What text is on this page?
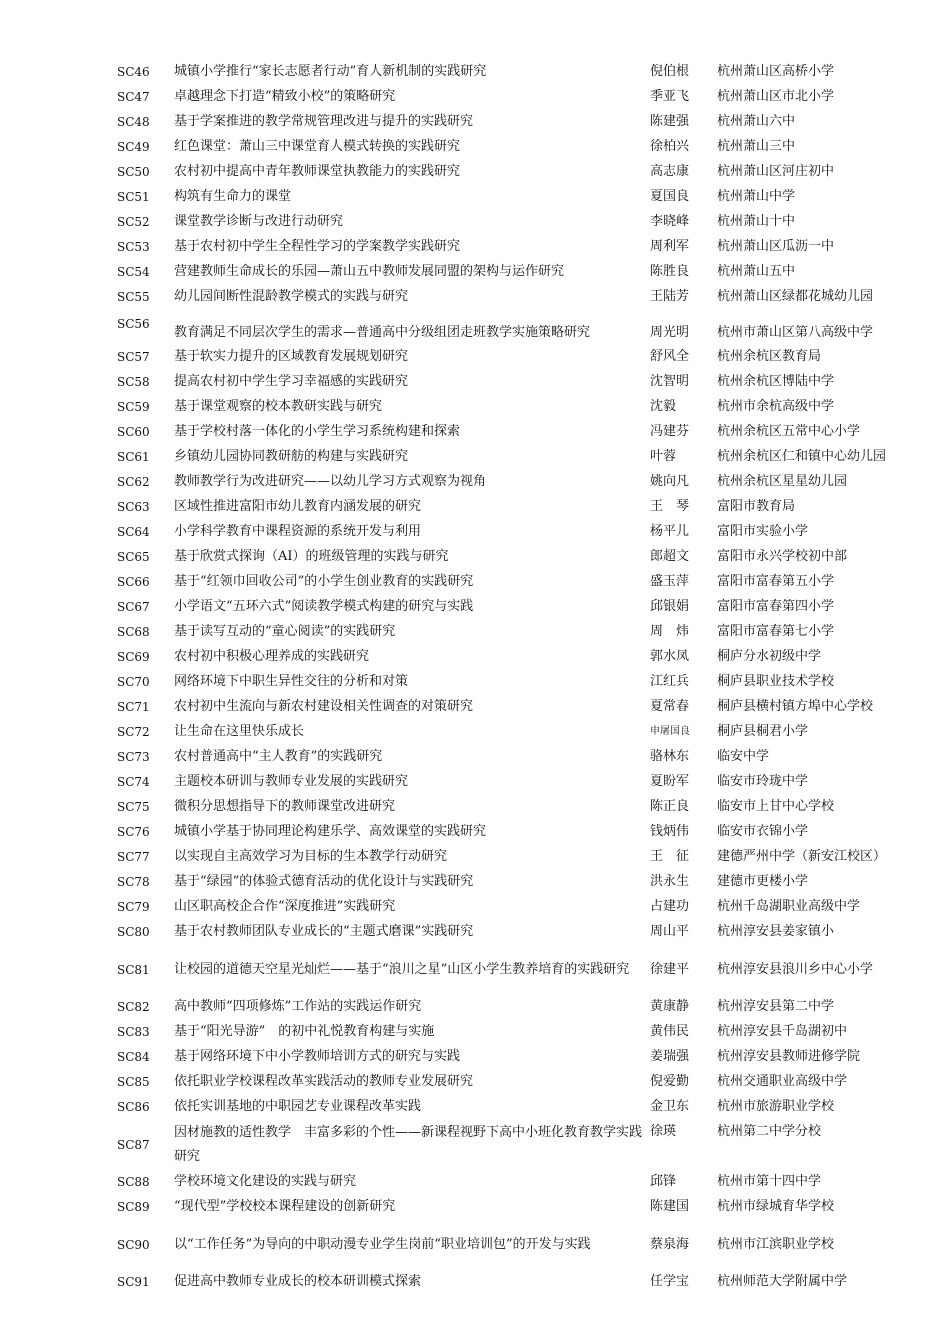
SC46	城镇小学推行“家长志愿者行动”育人新机制的实践研究	倪伯根	杭州萧山区高桥小学
SC47	卓越理念下打造“精致小校”的策略研究	季亚飞	杭州萧山区市北小学
SC48	基于学案推进的教学常规管理改进与提升的实践研究	陈建强	杭州萧山六中
SC49	红色课堂：萧山三中课堂育人模式转换的实践研究	徐柏兴	杭州萧山三中
SC50	农村初中提高中青年教师课堂执教能力的实践研究	高志康	杭州萧山区河庄初中
SC51	构筑有生命力的课堂	夏国良	杭州萧山中学
SC52	课堂教学诊断与改进行动研究	李晓峰	杭州萧山十中
SC53	基于农村初中学生全程性学习的学案教学实践研究	周利军	杭州萧山区瓜沥一中
SC54	营建教师生命成长的乐园—萧山五中教师发展同盟的架构与运作研究	陈胜良	杭州萧山五中
SC55	幼儿园间断性混龄教学模式的实践与研究	王陆芳	杭州萧山区绿都花城幼儿园
SC56	教育满足不同层次学生的需求—普通高中分级组团走班教学实施策略研究	周光明	杭州市萧山区第八高级中学
SC57	基于软实力提升的区域教育发展规划研究	舒风全	杭州余杭区教育局
SC58	提高农村初中学生学习幸福感的实践研究	沈智明	杭州余杭区博陆中学
SC59	基于课堂观察的校本教研实践与研究	沈毅	杭州市余杭高级中学
SC60	基于学校村落一体化的小学生学习系统构建和探索	冯建芬	杭州余杭区五常中心小学
SC61	乡镇幼儿园协同教研舫的构建与实践研究	叶蓉	杭州余杭区仁和镇中心幼儿园
SC62	教师教学行为改进研究——以幼儿学习方式观察为视角	姚向凡	杭州余杭区星星幼儿园
SC63	区域性推进富阳市幼儿教育内涵发展的研究	王　琴	富阳市教育局
SC64	小学科学教育中课程资源的系统开发与利用	杨平儿	富阳市实验小学
SC65	基于欣赏式探询（AI）的班级管理的实践与研究	郎超文	富阳市永兴学校初中部
SC66	基于“红领巾回收公司”的小学生创业教育的实践研究	盛玉萍	富阳市富春第五小学
SC67	小学语文“五环六式”阅读教学模式构建的研究与实践	邱银娟	富阳市富春第四小学
SC68	基于读写互动的“童心阅读”的实践研究	周　炜	富阳市富春第七小学
SC69	农村初中积极心理养成的实践研究	郭水凤	桐庐分水初级中学
SC70	网络环境下中职生异性交往的分析和对策	江红兵	桐庐县职业技术学校
SC71	农村初中生流向与新农村建设相关性调查的对策研究	夏常春	桐庐县横村镇方埠中心学校
SC72	让生命在这里快乐成长	申屠国良	桐庐县桐君小学
SC73	农村普通高中“主人教育”的实践研究	骆林东	临安中学
SC74	主题校本研训与教师专业发展的实践研究	夏盼军	临安市玲珑中学
SC75	微积分思想指导下的教师课堂改进研究	陈正良	临安市上甘中心学校
SC76	城镇小学基于协同理论构建乐学、高效课堂的实践研究	钱炳伟	临安市衣锦小学
SC77	以实现自主高效学习为目标的生本教学行动研究	王　征	建德严州中学（新安江校区）
SC78	基于“绿园”的体验式德育活动的优化设计与实践研究	洪永生	建德市更楼小学
SC79	山区职高校企合作“深度推进”实践研究	占建功	杭州千岛湖职业高级中学
SC80	基于农村教师团队专业成长的“主题式磨课”实践研究	周山平	杭州淳安县姜家镇小
SC81	让校园的道德天空星光灿烂——基于“浪川之星”山区小学生教养培育的实践研究	徐建平	杭州淳安县浪川乡中心小学
SC82	高中教师“四项修炼”工作站的实践运作研究	黄康静	杭州淳安县第二中学
SC83	基于“阳光导游”　的初中礼悦教育构建与实施	黄伟民	杭州淳安县千岛湖初中
SC84	基于网络环境下中小学教师培训方式的研究与实践	姜瑞强	杭州淳安县教师进修学院
SC85	依托职业学校课程改革实践活动的教师专业发展研究	倪爱勤	杭州交通职业高级中学
SC86	依托实训基地的中职园艺专业课程改革实践	金卫东	杭州市旅游职业学校
SC87	因材施教的适性教学　丰富多彩的个性——新课程视野下高中小班化教育教学实践研究	徐瑛	杭州第二中学分校
SC88	学校环境文化建设的实践与研究	邱锋	杭州市第十四中学
SC89	“现代型”学校校本课程建设的创新研究	陈建国	杭州市绿城育华学校
SC90	以“工作任务”为导向的中职动漫专业学生岗前“职业培训包”的开发与实践	蔡泉海	杭州市江滨职业学校
SC91	促进高中教师专业成长的校本研训模式探索	任学宝	杭州师范大学附属中学
